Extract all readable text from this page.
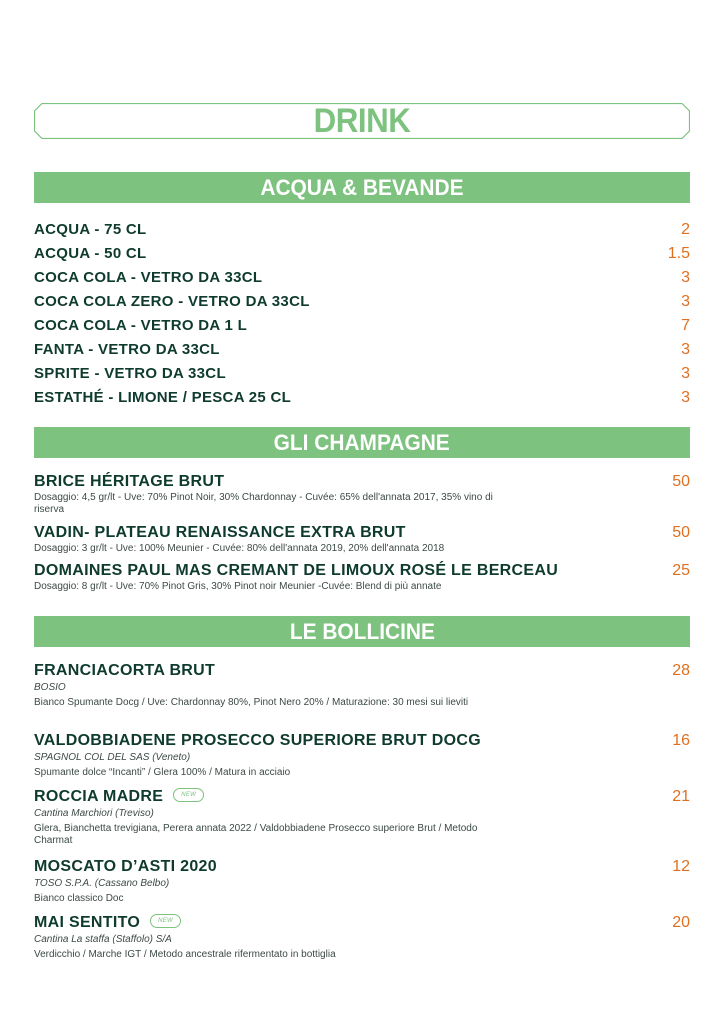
DRINK
ACQUA & BEVANDE
ACQUA - 75 CL	2
ACQUA - 50 CL	1.5
COCA COLA - VETRO DA 33CL	3
COCA COLA ZERO - VETRO DA 33CL	3
COCA COLA - VETRO DA 1 L	7
FANTA - VETRO DA 33CL	3
SPRITE - VETRO DA 33CL	3
ESTATHÉ - LIMONE / PESCA 25 CL	3
GLI CHAMPAGNE
BRICE HÉRITAGE BRUT	50
Dosaggio: 4,5 gr/lt - Uve: 70% Pinot Noir, 30% Chardonnay - Cuvée: 65% dell'annata 2017, 35% vino di riserva
VADIN- PLATEAU RENAISSANCE EXTRA BRUT	50
Dosaggio: 3 gr/lt - Uve: 100% Meunier - Cuvée: 80% dell'annata 2019, 20% dell'annata 2018
DOMAINES PAUL MAS CREMANT DE LIMOUX ROSÉ LE BERCEAU	25
Dosaggio: 8 gr/lt - Uve: 70% Pinot Gris, 30% Pinot noir Meunier -Cuvée: Blend di più annate
LE BOLLICINE
FRANCIACORTA BRUT	28
BOSIO
Bianco Spumante Docg / Uve: Chardonnay 80%, Pinot Nero 20% / Maturazione: 30 mesi sui lieviti
VALDOBBIADENE PROSECCO SUPERIORE BRUT DOCG	16
SPAGNOL COL DEL SAS (Veneto)
Spumante dolce “Incanti” / Glera 100% / Matura in acciaio
ROCCIA MADRE	NEW	21
Cantina Marchiori (Treviso)
Glera, Bianchetta trevigiana, Perera annata 2022 / Valdobbiadene Prosecco superiore Brut / Metodo Charmat
MOSCATO D’ASTI 2020	12
TOSO S.P.A. (Cassano Belbo)
Bianco classico Doc
MAI SENTITO	NEW	20
Cantina La staffa (Staffolo) S/A
Verdicchio / Marche IGT / Metodo ancestrale rifermentato in bottiglia
